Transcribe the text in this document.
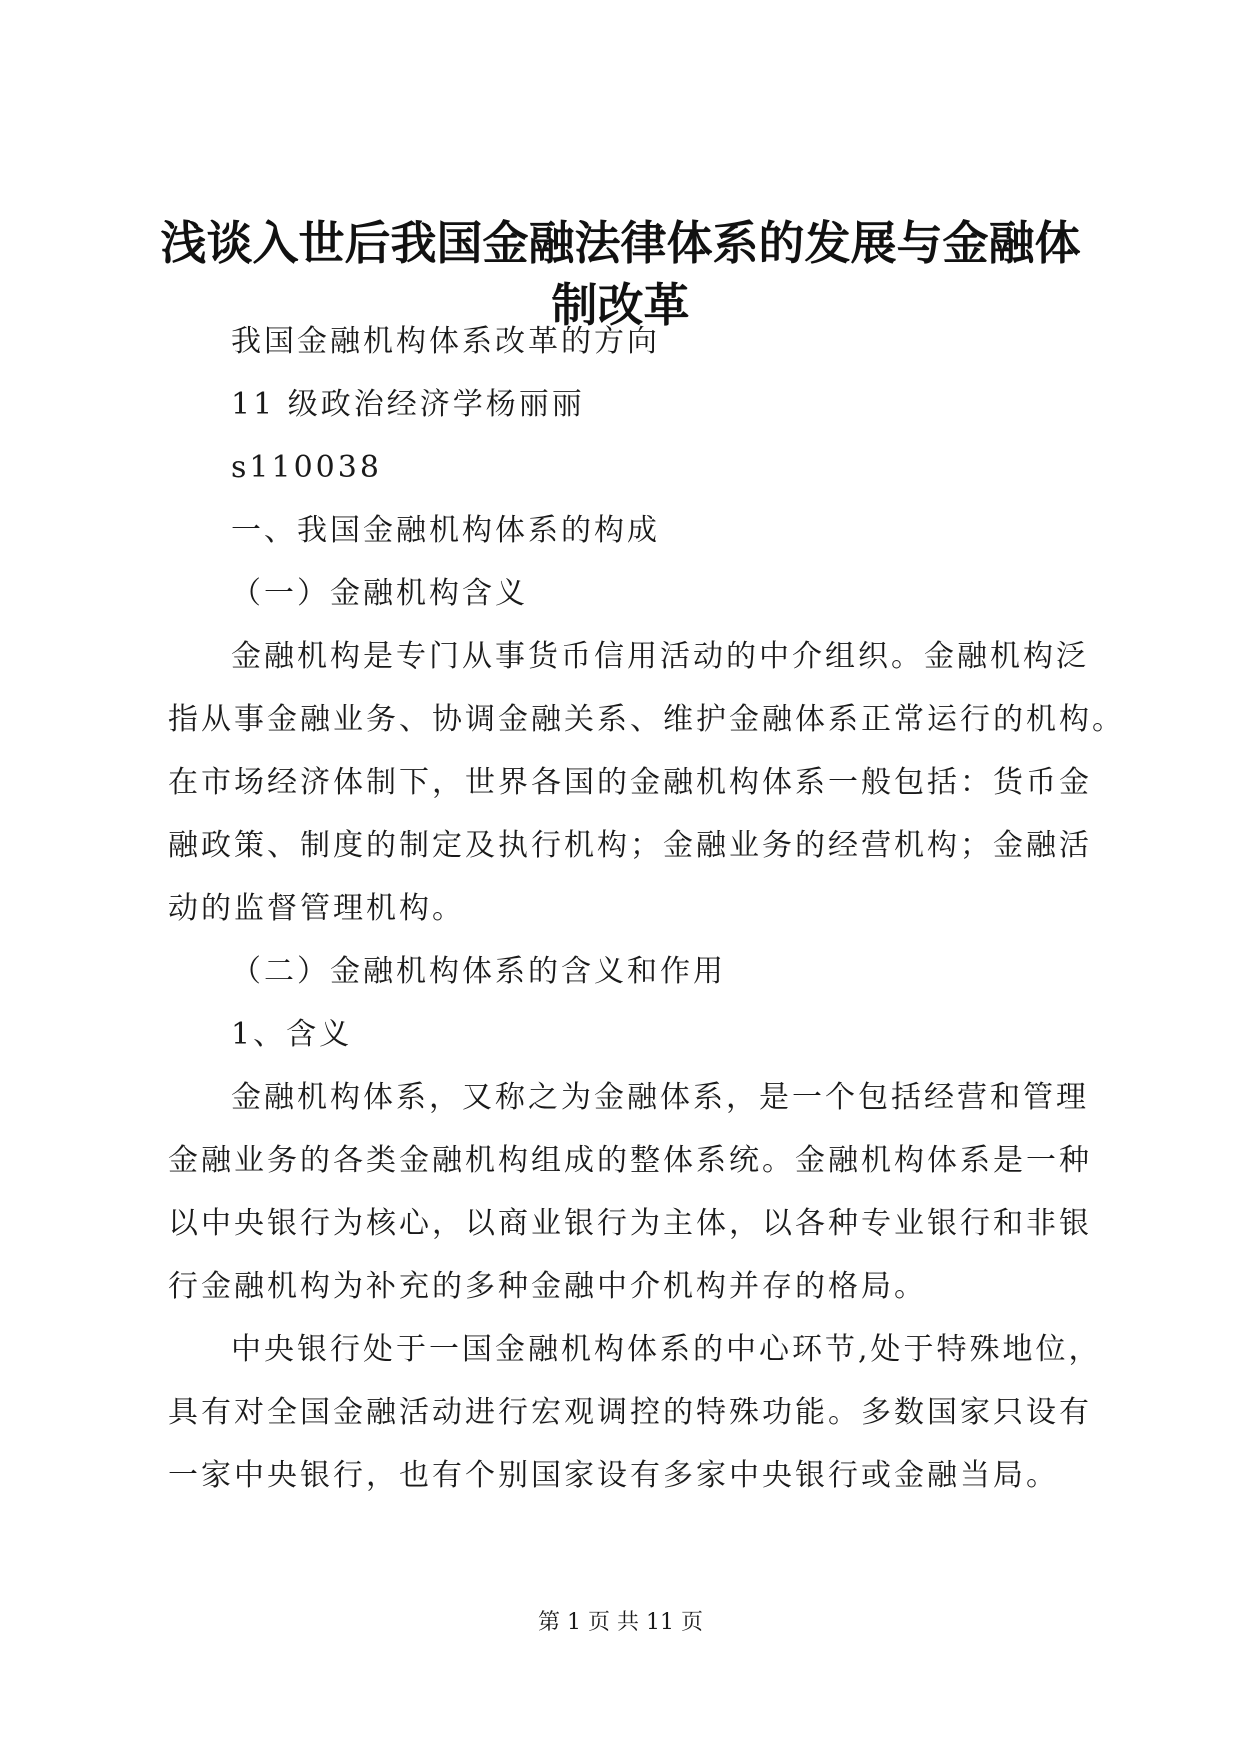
浅谈入世后我国金融法律体系的发展与金融体
制改革
我国金融机构体系改革的方向
11 级政治经济学杨丽丽
s110038
一、我国金融机构体系的构成
（一）金融机构含义
金融机构是专门从事货币信用活动的中介组织。金融机构泛
指从事金融业务、协调金融关系、维护金融体系正常运行的机构。
在市场经济体制下，世界各国的金融机构体系一般包括：货币金
融政策、制度的制定及执行机构；金融业务的经营机构；金融活
动的监督管理机构。
（二）金融机构体系的含义和作用
1、含义
金融机构体系，又称之为金融体系，是一个包括经营和管理
金融业务的各类金融机构组成的整体系统。金融机构体系是一种
以中央银行为核心，以商业银行为主体，以各种专业银行和非银
行金融机构为补充的多种金融中介机构并存的格局。
中央银行处于一国金融机构体系的中心环节,处于特殊地位，
具有对全国金融活动进行宏观调控的特殊功能。多数国家只设有
一家中央银行，也有个别国家设有多家中央银行或金融当局。
第 1 页 共 11 页
